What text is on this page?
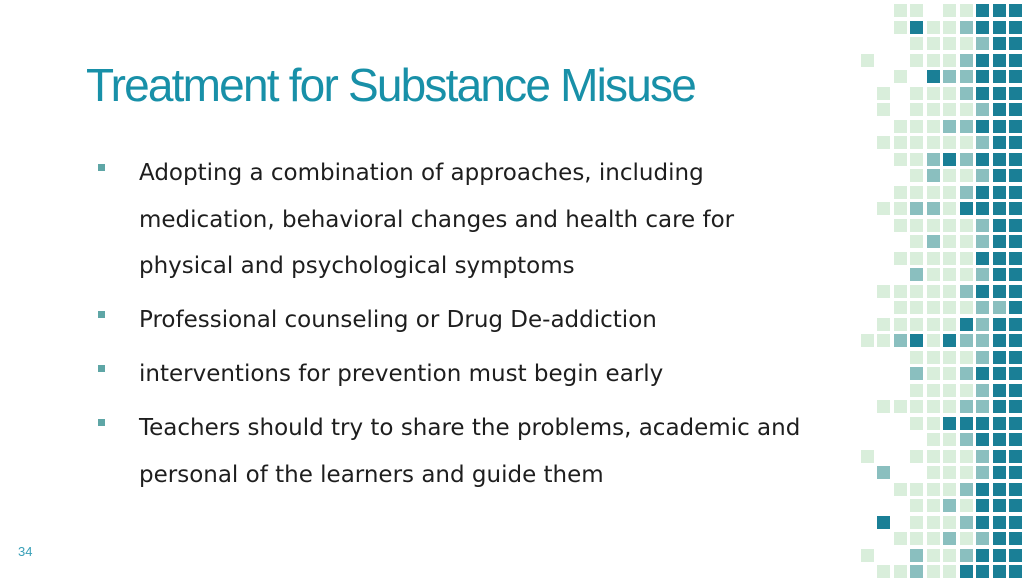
Treatment for Substance Misuse
Adopting a combination of approaches, including medication, behavioral changes and health care for physical and psychological symptoms
Professional counseling or Drug De-addiction
interventions for prevention must begin early
Teachers should try to share the problems, academic and personal of the learners and guide them
34
